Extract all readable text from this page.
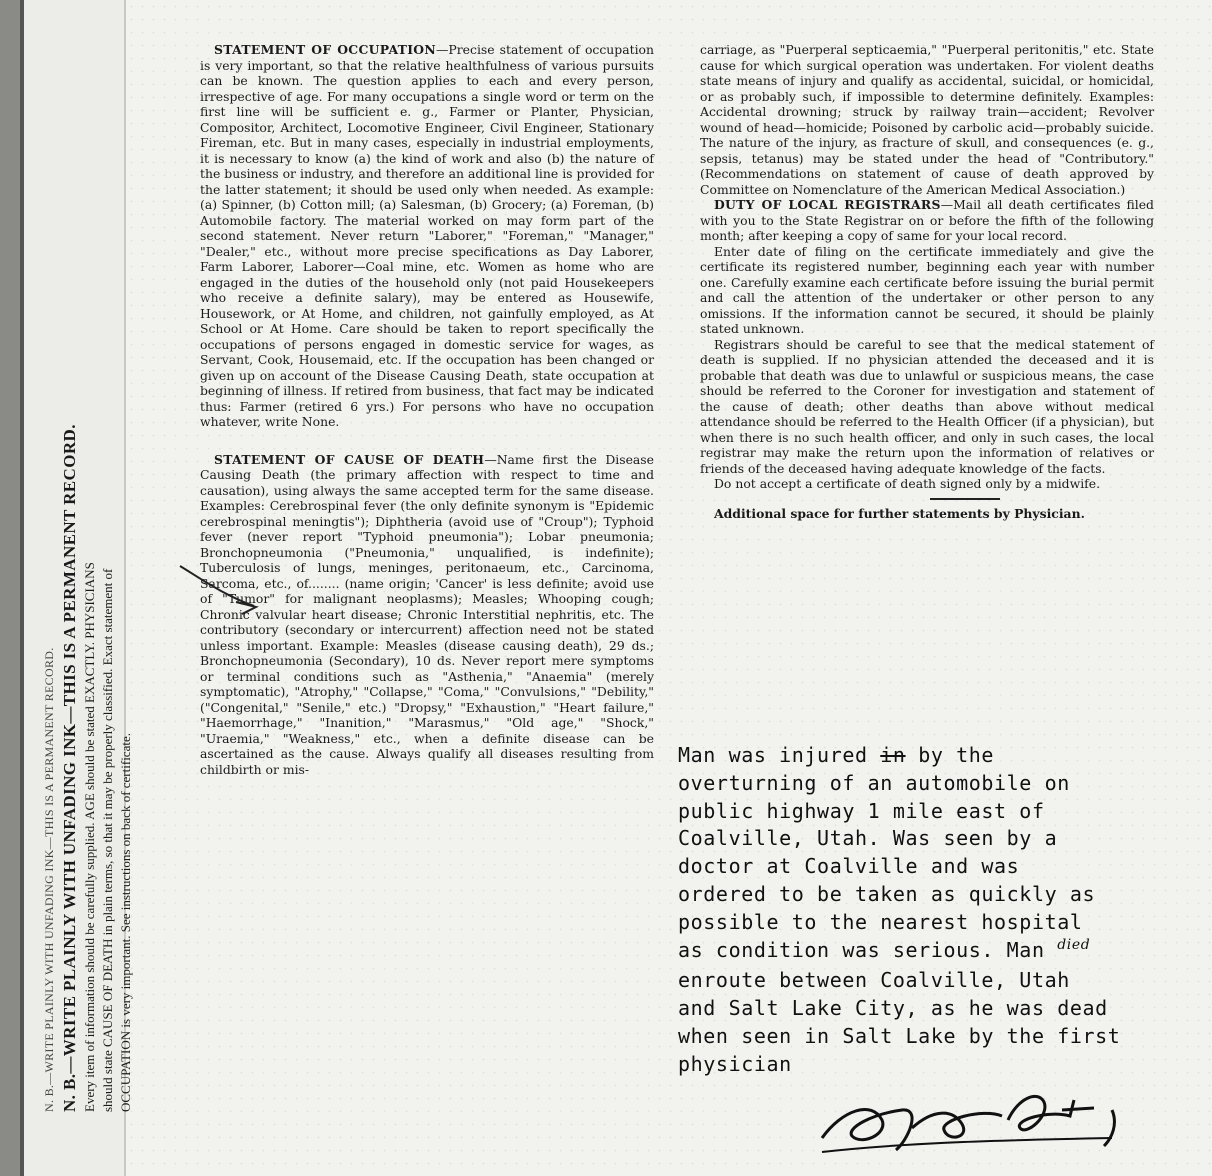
N. B.—WRITE PLAINLY WITH UNFADING INK—THIS IS A PERMANENT RECORD. N. B.—WRITE PLAINLY WITH UNFADING INK—THIS IS A PERMANENT RECORD. Every item of information should be carefully supplied. AGE should be stated EXACTLY. PHYSICIANS should state CAUSE OF DEATH in plain terms, so that it may be properly classified. Exact statement of OCCUPATION is very important. See instructions on back of certificate.

STATEMENT OF OCCUPATION—Precise statement of occupation is very important, so that the relative healthfulness of various pursuits can be known. The question applies to each and every person, irrespective of age. For many occupations a single word or term on the first line will be sufficient e. g., Farmer or Planter, Physician, Compositor, Architect, Locomotive Engineer, Civil Engineer, Stationary Fireman, etc. But in many cases, especially in industrial employments, it is necessary to know (a) the kind of work and also (b) the nature of the business or industry, and therefore an additional line is provided for the latter statement; it should be used only when needed. As example: (a) Spinner, (b) Cotton mill; (a) Salesman, (b) Grocery; (a) Foreman, (b) Automobile factory. The material worked on may form part of the second statement. Never return "Laborer," "Foreman," "Manager," "Dealer," etc., without more precise specifications as Day Laborer, Farm Laborer, Laborer—Coal mine, etc. Women as home who are engaged in the duties of the household only (not paid Housekeepers who receive a definite salary), may be entered as Housewife, Housework, or At Home, and children, not gainfully employed, as At School or At Home. Care should be taken to report specifically the occupations of persons engaged in domestic service for wages, as Servant, Cook, Housemaid, etc. If the occupation has been changed or given up on account of the Disease Causing Death, state occupation at beginning of illness. If retired from business, that fact may be indicated thus: Farmer (retired 6 yrs.) For persons who have no occupation whatever, write None.

STATEMENT OF CAUSE OF DEATH—Name first the Disease Causing Death (the primary affection with respect to time and causation), using always the same accepted term for the same disease. Examples: Cerebrospinal fever (the only definite synonym is "Epidemic cerebrospinal meningtis"); Diphtheria (avoid use of "Croup"); Typhoid fever (never report "Typhoid pneumonia"); Lobar pneumonia; Bronchopneumonia ("Pneumonia," unqualified, is indefinite); Tuberculosis of lungs, meninges, peritonaeum, etc., Carcinoma, Sarcoma, etc., of........ (name origin; 'Cancer' is less definite; avoid use of "Tumor" for malignant neoplasms); Measles; Whooping cough; Chronic valvular heart disease; Chronic Interstitial nephritis, etc. The contributory (secondary or intercurrent) affection need not be stated unless important. Example: Measles (disease causing death), 29 ds.; Bronchopneumonia (Secondary), 10 ds. Never report mere symptoms or terminal conditions such as "Asthenia," "Anaemia" (merely symptomatic), "Atrophy," "Collapse," "Coma," "Convulsions," "Debility," ("Congenital," "Senile," etc.) "Dropsy," "Exhaustion," "Heart failure," "Haemorrhage," "Inanition," "Marasmus," "Old age," "Shock," "Uraemia," "Weakness," etc., when a definite disease can be ascertained as the cause. Always qualify all diseases resulting from childbirth or mis-

carriage, as "Puerperal septicaemia," "Puerperal peritonitis," etc. State cause for which surgical operation was undertaken. For violent deaths state means of injury and qualify as accidental, suicidal, or homicidal, or as probably such, if impossible to determine definitely. Examples: Accidental drowning; struck by railway train—accident; Revolver wound of head—homicide; Poisoned by carbolic acid—probably suicide. The nature of the injury, as fracture of skull, and consequences (e. g., sepsis, tetanus) may be stated under the head of "Contributory." (Recommendations on statement of cause of death approved by Committee on Nomenclature of the American Medical Association.)

DUTY OF LOCAL REGISTRARS—Mail all death certificates filed with you to the State Registrar on or before the fifth of the following month; after keeping a copy of same for your local record.

Enter date of filing on the certificate immediately and give the certificate its registered number, beginning each year with number one. Carefully examine each certificate before issuing the burial permit and call the attention of the undertaker or other person to any omissions. If the information cannot be secured, it should be plainly stated unknown.

Registrars should be careful to see that the medical statement of death is supplied. If no physician attended the deceased and it is probable that death was due to unlawful or suspicious means, the case should be referred to the Coroner for investigation and statement of the cause of death; other deaths than above without medical attendance should be referred to the Health Officer (if a physician), but when there is no such health officer, and only in such cases, the local registrar may make the return upon the information of relatives or friends of the deceased having adequate knowledge of the facts.

Do not accept a certificate of death signed only by a midwife.

Additional space for further statements by Physician.

Man was injured in by the
overturning of an automobile on
public highway 1 mile east of
Coalville, Utah. Was seen by a
doctor at Coalville and was
ordered to be taken as quickly as
possible to the nearest hospital
as condition was serious. Man $^{died}$
enroute between Coalville, Utah
and Salt Lake City, as he was dead
when seen in Salt Lake by the first
physician
